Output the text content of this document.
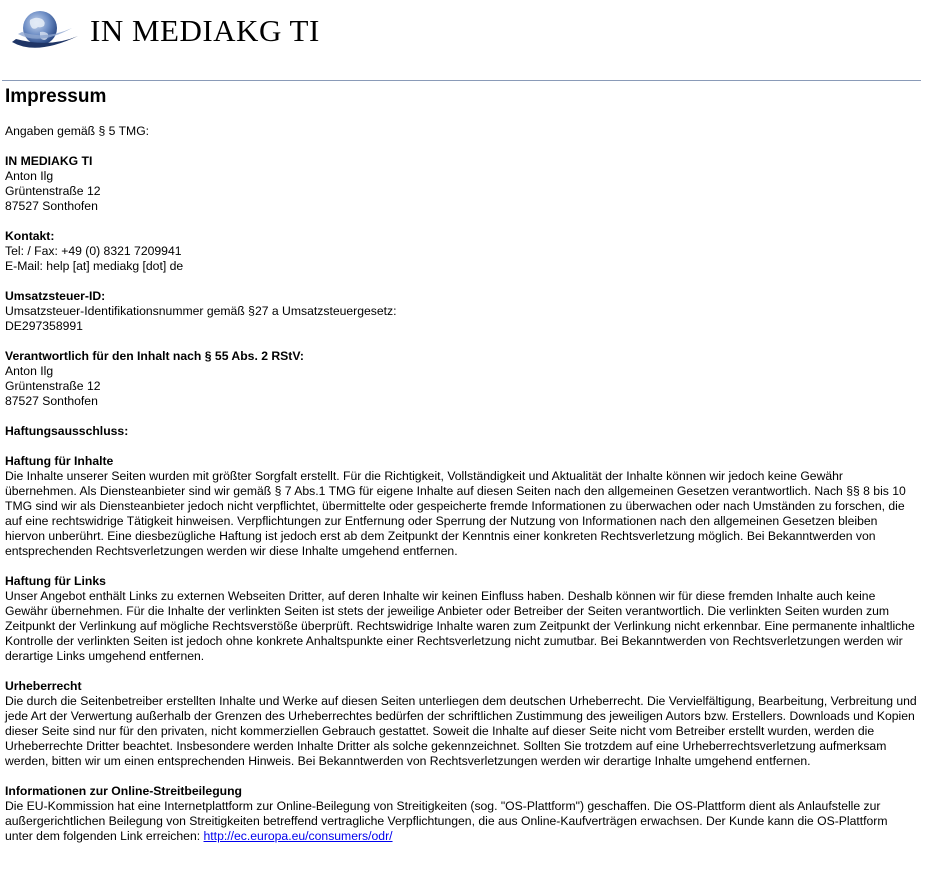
IN MEDIAKG TI
Impressum

Angaben gemäß § 5 TMG:

IN MEDIAKG TI

Anton Ilg

Grüntenstraße 12

87527 Sonthofen

Kontakt:

Tel: / Fax: +49 (0) 8321 7209941

E-Mail: help [at] mediakg [dot] de

Umsatzsteuer-ID:

Umsatzsteuer-Identifikationsnummer gemäß §27 a Umsatzsteuergesetz:

DE297358991

Verantwortlich für den Inhalt nach § 55 Abs. 2 RStV:

Anton Ilg

Grüntenstraße 12

87527 Sonthofen

Haftungsausschluss:

Haftung für Inhalte

Die Inhalte unserer Seiten wurden mit größter Sorgfalt erstellt. Für die Richtigkeit, Vollständigkeit und Aktualität der Inhalte können wir jedoch keine Gewähr übernehmen. Als Diensteanbieter sind wir gemäß § 7 Abs.1 TMG für eigene Inhalte auf diesen Seiten nach den allgemeinen Gesetzen verantwortlich. Nach §§ 8 bis 10 TMG sind wir als Diensteanbieter jedoch nicht verpflichtet, übermittelte oder gespeicherte fremde Informationen zu überwachen oder nach Umständen zu forschen, die auf eine rechtswidrige Tätigkeit hinweisen. Verpflichtungen zur Entfernung oder Sperrung der Nutzung von Informationen nach den allgemeinen Gesetzen bleiben hiervon unberührt. Eine diesbezügliche Haftung ist jedoch erst ab dem Zeitpunkt der Kenntnis einer konkreten Rechtsverletzung möglich. Bei Bekanntwerden von entsprechenden Rechtsverletzungen werden wir diese Inhalte umgehend entfernen.

Haftung für Links

Unser Angebot enthält Links zu externen Webseiten Dritter, auf deren Inhalte wir keinen Einfluss haben. Deshalb können wir für diese fremden Inhalte auch keine Gewähr übernehmen. Für die Inhalte der verlinkten Seiten ist stets der jeweilige Anbieter oder Betreiber der Seiten verantwortlich. Die verlinkten Seiten wurden zum Zeitpunkt der Verlinkung auf mögliche Rechtsverstöße überprüft. Rechtswidrige Inhalte waren zum Zeitpunkt der Verlinkung nicht erkennbar. Eine permanente inhaltliche Kontrolle der verlinkten Seiten ist jedoch ohne konkrete Anhaltspunkte einer Rechtsverletzung nicht zumutbar. Bei Bekanntwerden von Rechtsverletzungen werden wir derartige Links umgehend entfernen.

Urheberrecht

Die durch die Seitenbetreiber erstellten Inhalte und Werke auf diesen Seiten unterliegen dem deutschen Urheberrecht. Die Vervielfältigung, Bearbeitung, Verbreitung und jede Art der Verwertung außerhalb der Grenzen des Urheberrechtes bedürfen der schriftlichen Zustimmung des jeweiligen Autors bzw. Erstellers. Downloads und Kopien dieser Seite sind nur für den privaten, nicht kommerziellen Gebrauch gestattet. Soweit die Inhalte auf dieser Seite nicht vom Betreiber erstellt wurden, werden die Urheberrechte Dritter beachtet. Insbesondere werden Inhalte Dritter als solche gekennzeichnet. Sollten Sie trotzdem auf eine Urheberrechtsverletzung aufmerksam werden, bitten wir um einen entsprechenden Hinweis. Bei Bekanntwerden von Rechtsverletzungen werden wir derartige Inhalte umgehend entfernen.

Informationen zur Online-Streitbeilegung

Die EU-Kommission hat eine Internetplattform zur Online-Beilegung von Streitigkeiten (sog. "OS-Plattform") geschaffen. Die OS-Plattform dient als Anlaufstelle zur außergerichtlichen Beilegung von Streitigkeiten betreffend vertragliche Verpflichtungen, die aus Online-Kaufverträgen erwachsen. Der Kunde kann die OS-Plattform unter dem folgenden Link erreichen: http://ec.europa.eu/consumers/odr/
